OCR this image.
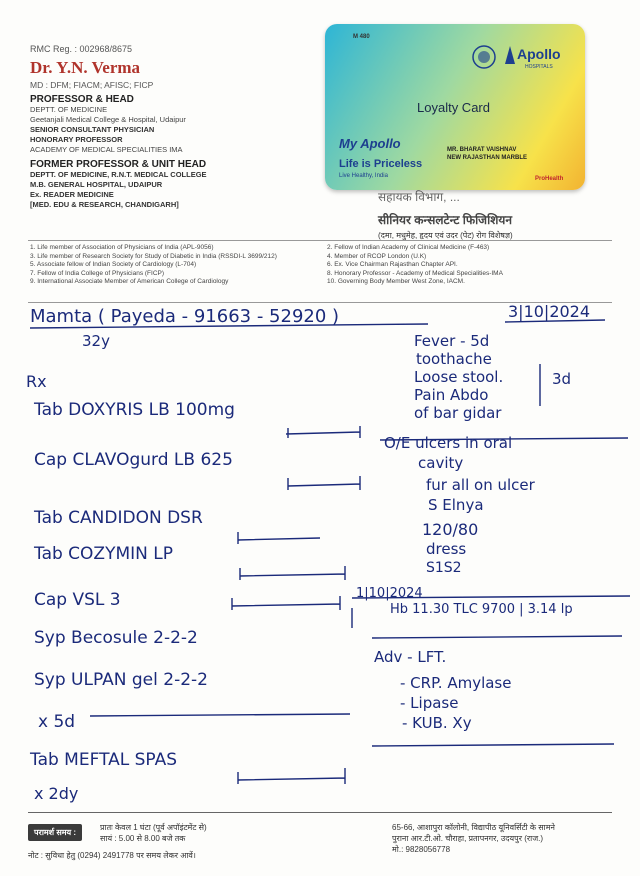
RMC Reg. : 002968/8675
Dr. Y.N. Verma
MD : DFM; FIACM; AFISC; FICP
PROFESSOR & HEAD
DEPTT. OF MEDICINE
Geetanjali Medical College & Hospital, Udaipur
SENIOR CONSULTANT PHYSICIAN
HONORARY PROFESSOR
ACADEMY OF MEDICAL SPECIALITIES IMA
FORMER PROFESSOR & UNIT HEAD
DEPTT. OF MEDICINE, R.N.T. MEDICAL COLLEGE
M.B. GENERAL HOSPITAL, UDAIPUR
Ex. READER MEDICINE
[MED. EDU & RESEARCH, CHANDIGARH]
सहायक विभाग, ...
सीनियर कन्सलटेन्ट फिजिशियन
(दमा, मधुमेह, हृदय एवं उदर (पेट) रोग विशेषज्ञ)
M 480
Apollo
HOSPITALS
Loyalty Card
My Apollo
Life is Priceless
Live Healthy, India
MR. BHARAT VAISHNAV
NEW RAJASTHAN MARBLE
ProHealth
1. Life member of Association of Physicians of India (APL-9056)	2. Fellow of Indian Academy of Clinical Medicine (F-463)
3. Life member of Research Society for Study of Diabetic in India (RSSDI-L 3699/212)	4. Member of RCOP London (U.K)
5. Associate fellow of Indian Society of Cardiology (L-704)	6. Ex. Vice Chairman Rajasthan Chapter API.
7. Fellow of India College of Physicians (FICP)	8. Honorary Professor - Academy of Medical Specialities-IMA
9. International Associate Member of American College of Cardiology	10. Governing Body Member West Zone, IACM.
Mamta ( Payeda - 91663 - 52920 )	3|10|2024
32y
Rx
Tab DOXYRIS LB 100mg
Cap CLAVOgurd LB 625
Tab CANDIDON DSR
Tab COZYMIN LP
Cap VSL 3
Syp Becosule 2-2-2
Syp ULPAN gel 2-2-2
x 5d
Tab MEFTAL SPAS
x 2dy
Fever - 5d
toothache
Loose stool.
Pain Abdo
of bar gidar
3d
O/E ulcers in oral
cavity
fur all on ulcer
S Elnya
120/80
dress
S1S2
1|10|2024
Hb 11.30 TLC 9700 | 3.14 lp
Adv - LFT.
- CRP. Amylase
- Lipase
- KUB. Xy
परामर्श समय :
प्रातः केवल 1 घंटा (पूर्व अपॉइंटमेंट से)
सायं : 5.00 से 8.00 बजे तक
नोट : सुविधा हेतु (0294) 2491778 पर समय लेकर आवें।
65-66, आशापुरा कॉलोनी, विद्यापीठ यूनिवर्सिटी के सामने
पुराना आर.टी.ओ. चौराहा, प्रतापनगर, उदयपुर (राज.)
मो.: 9828056778
